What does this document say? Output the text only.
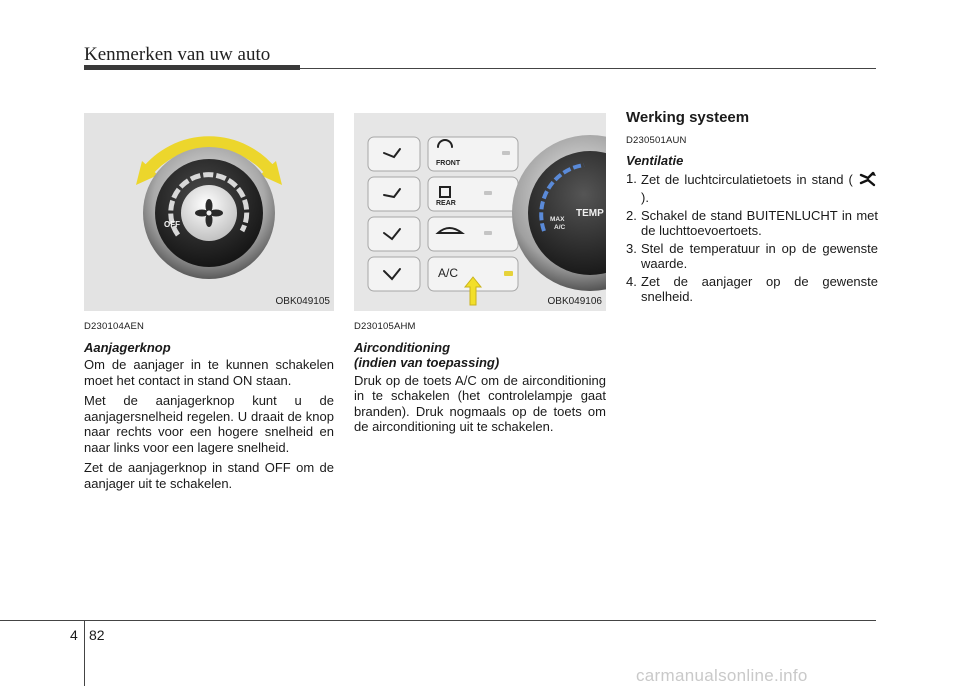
Kenmerken van uw auto
OFF
OBK049105
FRONT
REAR
A/C
MAX
A/C
TEMP
OBK049106
D230104AEN
Aanjagerknop

Om de aanjager in te kunnen schakelen moet het contact in stand ON staan.

Met de aanjagerknop kunt u de aanjagersnelheid regelen. U draait de knop naar rechts voor een hogere snelheid en naar links voor een lagere snelheid.

Zet de aanjagerknop in stand OFF om de aanjager uit te schakelen.

D230105AHM
Airconditioning
(indien van toepassing)

Druk op de toets A/C om de airconditioning in te schakelen (het controlelampje gaat branden). Druk nogmaals op de toets om de airconditioning uit te schakelen.

Werking systeem
D230501AUN
Ventilatie
1. Zet de luchtcirculatietoets in stand (  ).
2. Schakel de stand BUITENLUCHT in met de luchttoevoertoets.
3. Stel de temperatuur in op de gewenste waarde.
4. Zet de aanjager op de gewenste snelheid.
4 82
carmanualsonline.info
